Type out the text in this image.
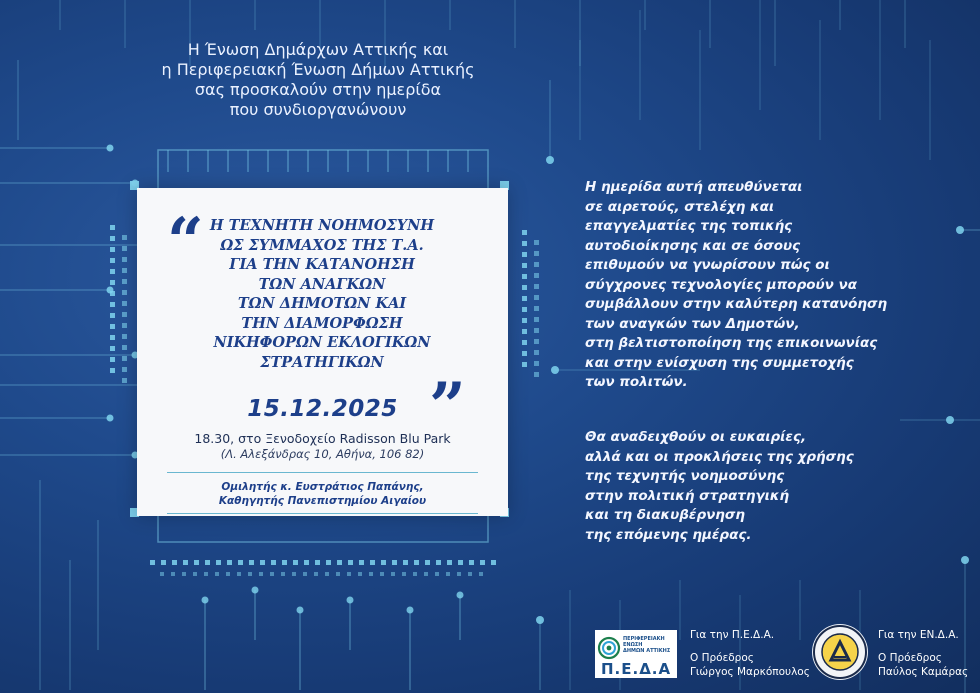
Η Ένωση Δημάρχων Αττικής και
η Περιφερειακή Ένωση Δήμων Αττικής
σας προσκαλούν στην ημερίδα
που συνδιοργανώνουν
“ Η ΤΕΧΝΗΤΗ ΝΟΗΜΟΣΥΝΗ
ΩΣ ΣΥΜΜΑΧΟΣ ΤΗΣ Τ.Α.
ΓΙΑ ΤΗΝ ΚΑΤΑΝΟΗΣΗ
ΤΩΝ ΑΝΑΓΚΩΝ
ΤΩΝ ΔΗΜΟΤΩΝ ΚΑΙ
ΤΗΝ ΔΙΑΜΟΡΦΩΣΗ
ΝΙΚΗΦΟΡΩΝ ΕΚΛΟΓΙΚΩΝ
ΣΤΡΑΤΗΓΙΚΩΝ
”
15.12.2025
18.30, στο Ξενοδοχείο Radisson Blu Park
(Λ. Αλεξάνδρας 10, Αθήνα, 106 82)
Ομιλητής κ. Ευστράτιος Παπάνης,
Καθηγητής Πανεπιστημίου Αιγαίου
Η ημερίδα αυτή απευθύνεται
σε αιρετούς, στελέχη και
επαγγελματίες της τοπικής
αυτοδιοίκησης και σε όσους
επιθυμούν να γνωρίσουν πώς οι
σύγχρονες τεχνολογίες μπορούν να
συμβάλλουν στην καλύτερη κατανόηση
των αναγκών των Δημοτών,
στη βελτιστοποίηση της επικοινωνίας
και στην ενίσχυση της συμμετοχής
των πολιτών.
Θα αναδειχθούν οι ευκαιρίες,
αλλά και οι προκλήσεις της χρήσης
της τεχνητής νοημοσύνης
στην πολιτική στρατηγική
και τη διακυβέρνηση
της επόμενης ημέρας.
ΠΕΡΙΦΕΡΕΙΑΚΗ
ΕΝΩΣΗ
ΔΗΜΩΝ ΑΤΤΙΚΗΣ
Π.Ε.Δ.Α
Για την Π.Ε.Δ.Α.
Ο Πρόεδρος
Γιώργος Μαρκόπουλος
Για την ΕΝ.Δ.Α.
Ο Πρόεδρος
Παύλος Καμάρας
